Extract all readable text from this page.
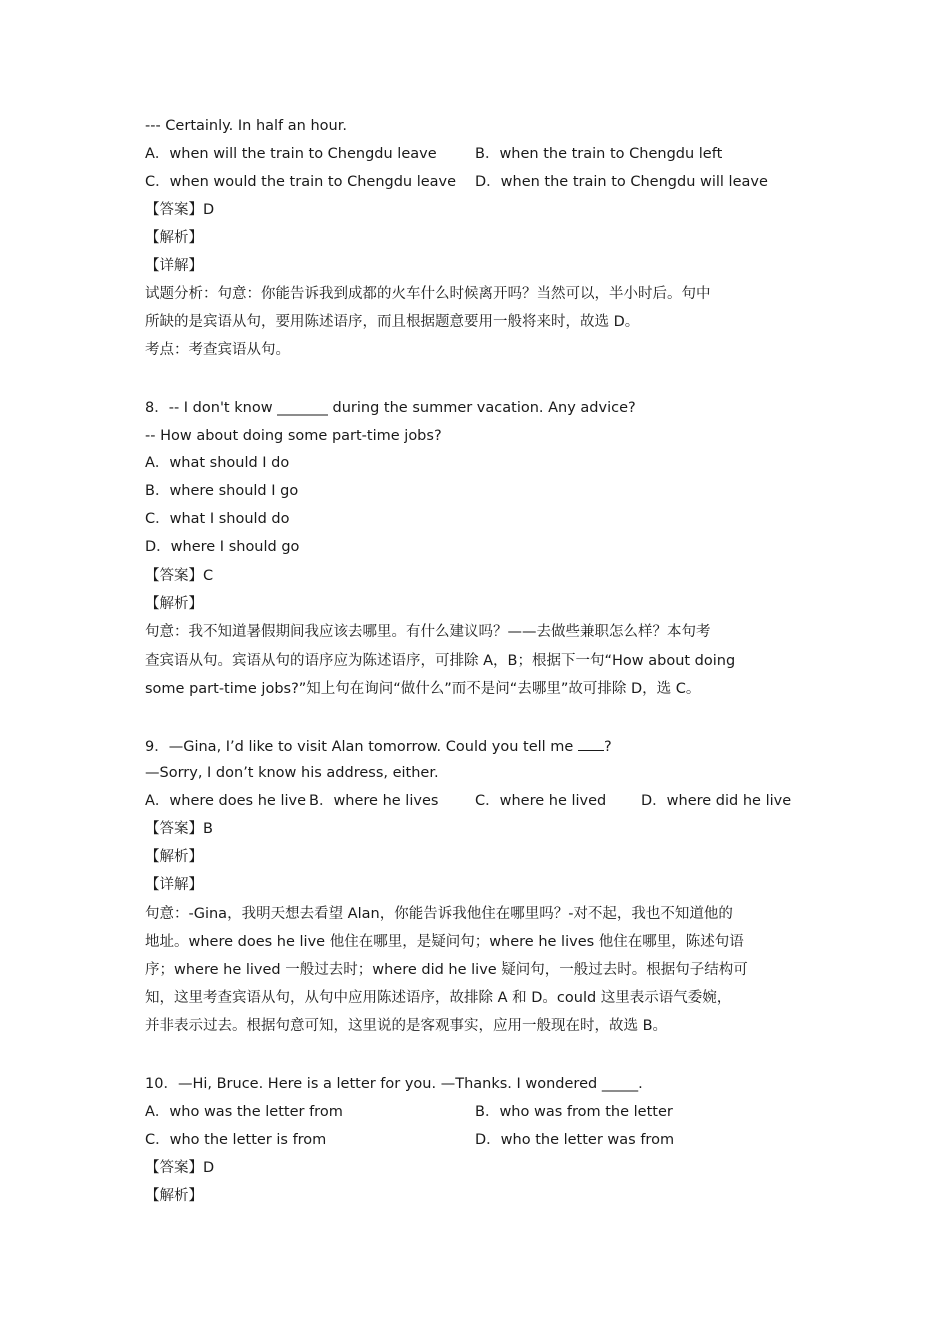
--- Certainly. In half an hour.
A．when will the train to Chengdu leave	B．when the train to Chengdu left
C．when would the train to Chengdu leave D．when the train to Chengdu will leave
【答案】D
【解析】
【详解】
试题分析：句意：你能告诉我到成都的火车什么时候离开吗？当然可以，半小时后。句中
所缺的是宾语从句，要用陈述语序，而且根据题意要用一般将来时，故选 D。
考点：考查宾语从句。
8．-- I don't know _______ during the summer vacation. Any advice?
-- How about doing some part-time jobs?
A．what should I do
B．where should I go
C．what I should do
D．where I should go
【答案】C
【解析】
句意：我不知道暑假期间我应该去哪里。有什么建议吗？——去做些兼职怎么样？本句考
查宾语从句。宾语从句的语序应为陈述语序，可排除 A，B；根据下一句“How about doing
some part-time jobs?”知上句在询问“做什么”而不是问“去哪里”故可排除 D，选 C。
9．—Gina, I’d like to visit Alan tomorrow. Could you tell me ?
—Sorry, I don’t know his address, either.
A．where does he live B．where he lives	C．where he lived D．where did he live
【答案】B
【解析】
【详解】
句意：-Gina，我明天想去看望 Alan，你能告诉我他住在哪里吗？-对不起，我也不知道他的
地址。where does he live 他住在哪里，是疑问句；where he lives 他住在哪里，陈述句语
序；where he lived 一般过去时；where did he live 疑问句，一般过去时。根据句子结构可
知，这里考查宾语从句，从句中应用陈述语序，故排除 A 和 D。could 这里表示语气委婉，
并非表示过去。根据句意可知，这里说的是客观事实，应用一般现在时，故选 B。
10．—Hi, Bruce. Here is a letter for you. —Thanks. I wondered _____.
A．who was the letter from	B．who was from the letter
C．who the letter is from	D．who the letter was from
【答案】D
【解析】
